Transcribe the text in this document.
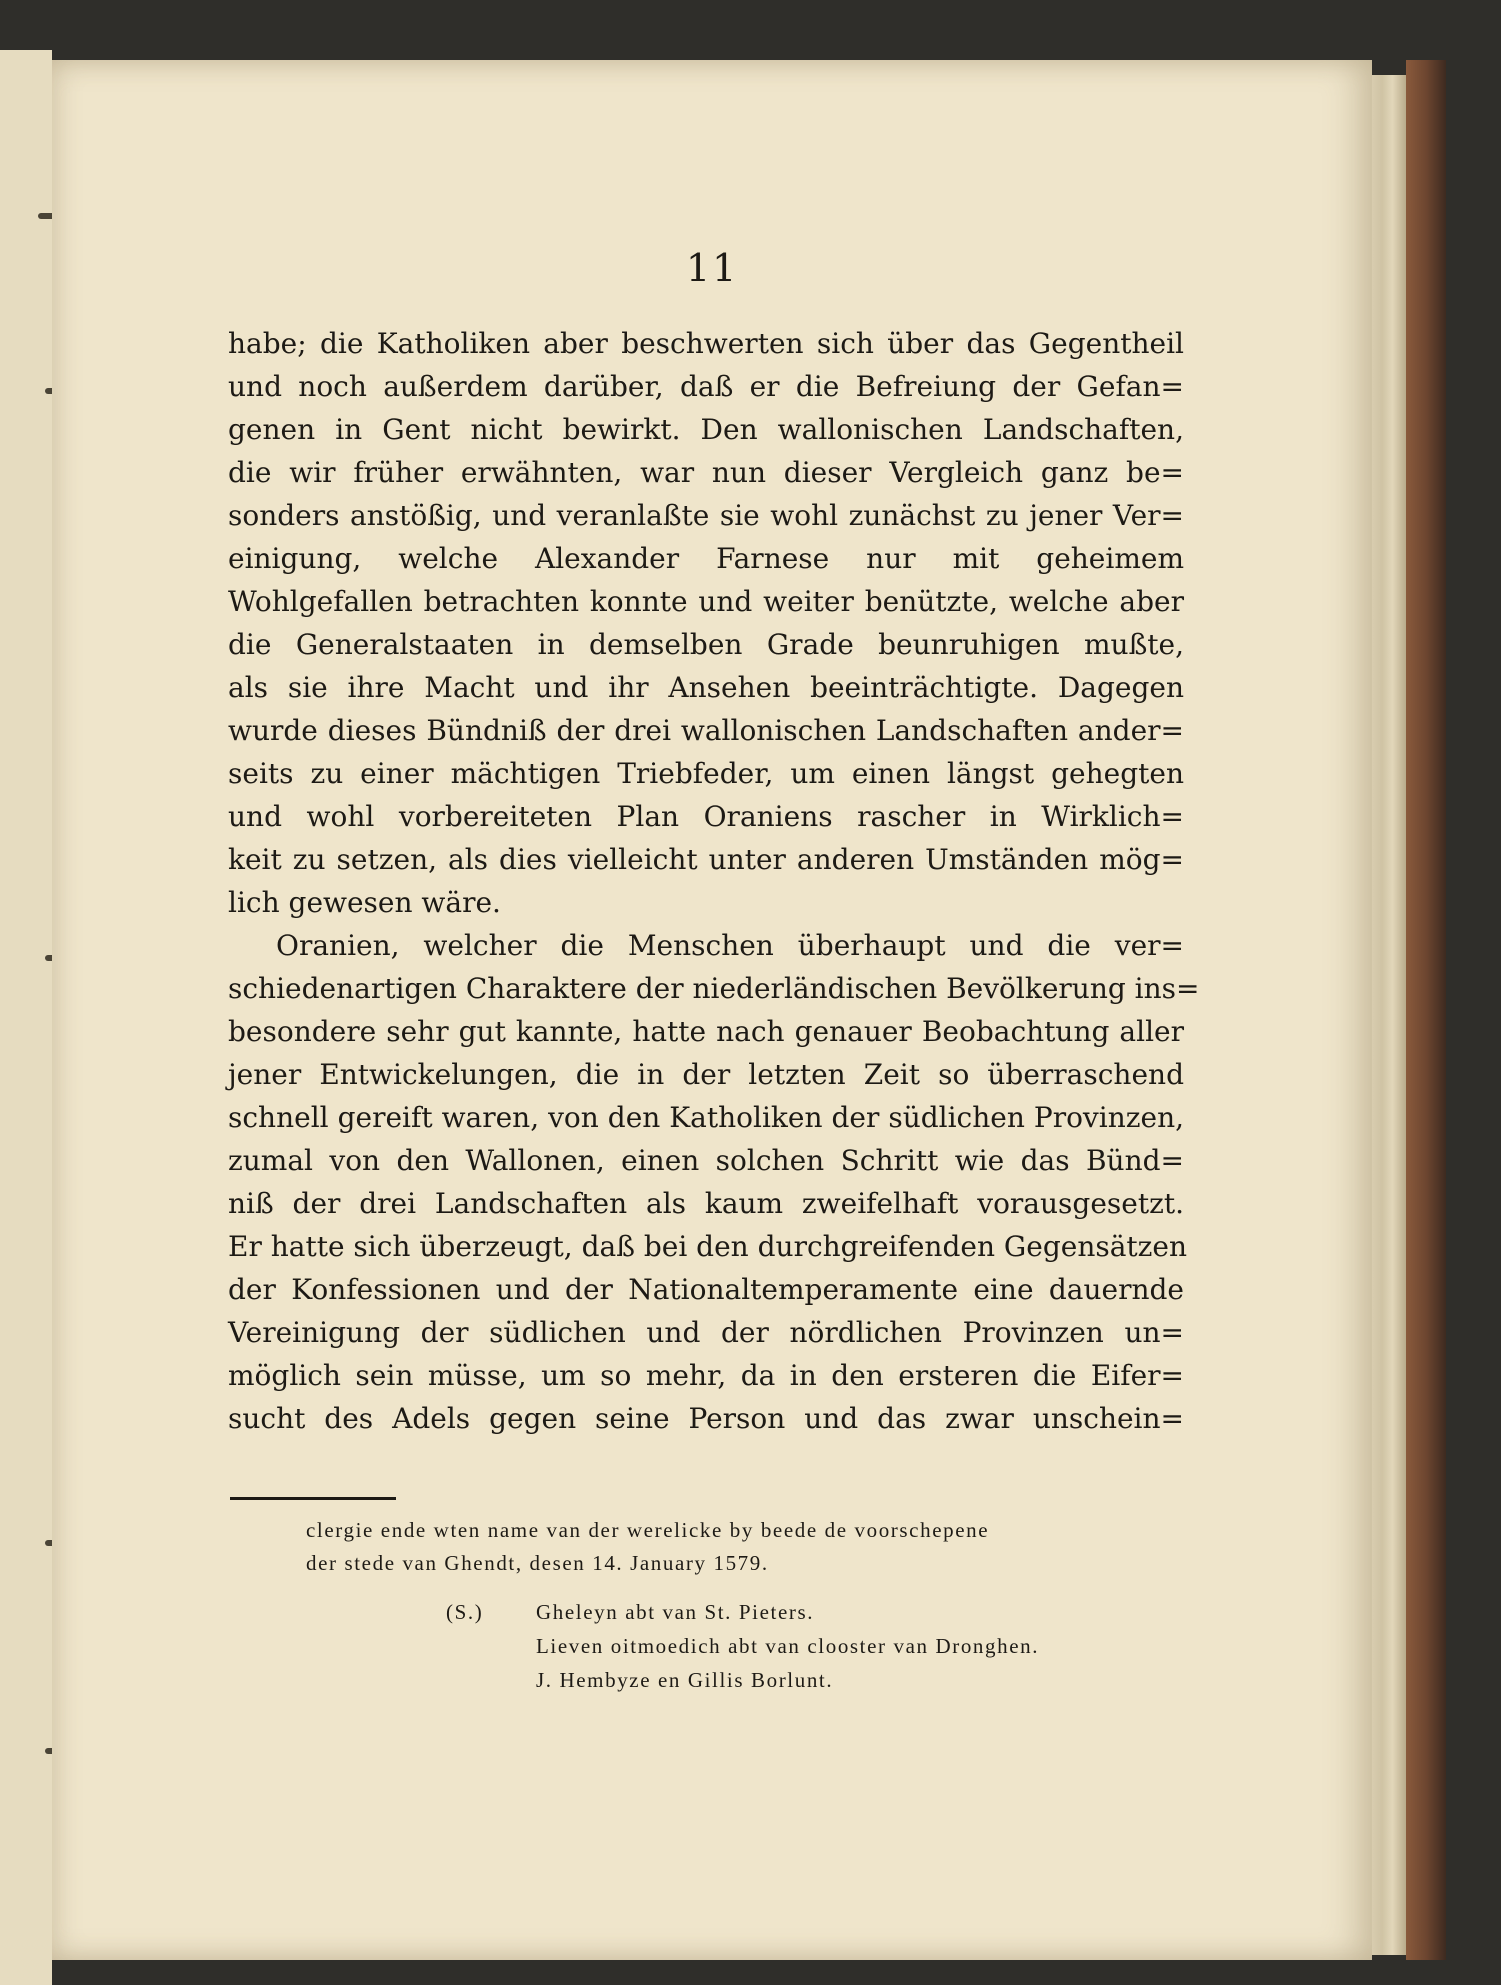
11
habe; die Katholiken aber beschwerten sich über das Gegentheil
und noch außerdem darüber, daß er die Befreiung der Gefan=
genen in Gent nicht bewirkt. Den wallonischen Landschaften,
die wir früher erwähnten, war nun dieser Vergleich ganz be=
sonders anstößig, und veranlaßte sie wohl zunächst zu jener Ver=
einigung, welche Alexander Farnese nur mit geheimem
Wohlgefallen betrachten konnte und weiter benützte, welche aber
die Generalstaaten in demselben Grade beunruhigen mußte,
als sie ihre Macht und ihr Ansehen beeinträchtigte. Dagegen
wurde dieses Bündniß der drei wallonischen Landschaften ander=
seits zu einer mächtigen Triebfeder, um einen längst gehegten
und wohl vorbereiteten Plan Oraniens rascher in Wirklich=
keit zu setzen, als dies vielleicht unter anderen Umständen mög=
lich gewesen wäre.
Oranien, welcher die Menschen überhaupt und die ver=
schiedenartigen Charaktere der niederländischen Bevölkerung ins=
besondere sehr gut kannte, hatte nach genauer Beobachtung aller
jener Entwickelungen, die in der letzten Zeit so überraschend
schnell gereift waren, von den Katholiken der südlichen Provinzen,
zumal von den Wallonen, einen solchen Schritt wie das Bünd=
niß der drei Landschaften als kaum zweifelhaft vorausgesetzt.
Er hatte sich überzeugt, daß bei den durchgreifenden Gegensätzen
der Konfessionen und der Nationaltemperamente eine dauernde
Vereinigung der südlichen und der nördlichen Provinzen un=
möglich sein müsse, um so mehr, da in den ersteren die Eifer=
sucht des Adels gegen seine Person und das zwar unschein=
clergie ende wten name van der werelicke by beede de voorschepene
der stede van Ghendt, desen 14. January 1579.
(S.)	Gheleyn abt van St. Pieters.
Lieven oitmoedich abt van clooster van Dronghen.
J. Hembyze en Gillis Borlunt.
